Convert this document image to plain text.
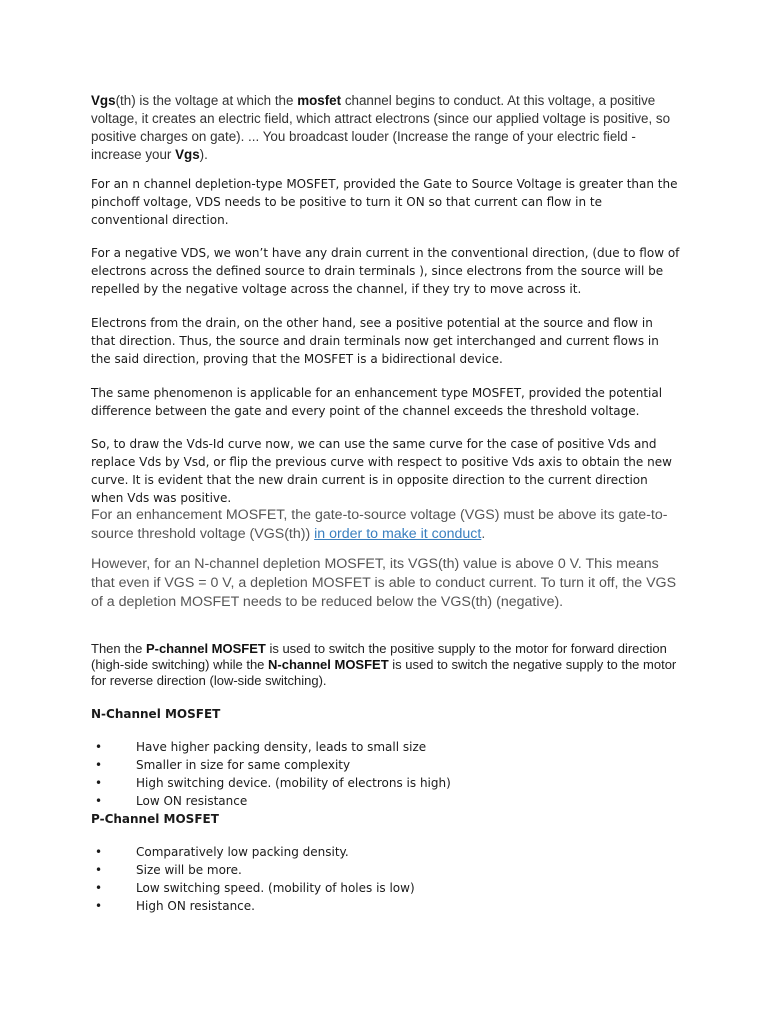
Vgs(th) is the voltage at which the mosfet channel begins to conduct. At this voltage, a positive voltage, it creates an electric field, which attract electrons (since our applied voltage is positive, so positive charges on gate). ... You broadcast louder (Increase the range of your electric field - increase your Vgs).

For an n channel depletion-type MOSFET, provided the Gate to Source Voltage is greater than the pinchoff voltage, VDS needs to be positive to turn it ON so that current can flow in te conventional direction.

For a negative VDS, we won’t have any drain current in the conventional direction, (due to flow of electrons across the defined source to drain terminals ), since electrons from the source will be repelled by the negative voltage across the channel, if they try to move across it.

Electrons from the drain, on the other hand, see a positive potential at the source and flow in that direction. Thus, the source and drain terminals now get interchanged and current flows in the said direction, proving that the MOSFET is a bidirectional device.

The same phenomenon is applicable for an enhancement type MOSFET, provided the potential difference between the gate and every point of the channel exceeds the threshold voltage.

So, to draw the Vds-Id curve now, we can use the same curve for the case of positive Vds and replace Vds by Vsd, or flip the previous curve with respect to positive Vds axis to obtain the new curve. It is evident that the new drain current is in opposite direction to the current direction when Vds was positive.

For an enhancement MOSFET, the gate-to-source voltage (VGS) must be above its gate-to-source threshold voltage (VGS(th)) in order to make it conduct.

However, for an N-channel depletion MOSFET, its VGS(th) value is above 0 V. This means that even if VGS = 0 V, a depletion MOSFET is able to conduct current. To turn it off, the VGS of a depletion MOSFET needs to be reduced below the VGS(th) (negative).

Then the P-channel MOSFET is used to switch the positive supply to the motor for forward direction (high-side switching) while the N-channel MOSFET is used to switch the negative supply to the motor for reverse direction (low-side switching).

N-Channel MOSFET

•	Have higher packing density, leads to small size
•	Smaller in size for same complexity
•	High switching device. (mobility of electrons is high)
•	Low ON resistance

P-Channel MOSFET

•	Comparatively low packing density.
•	Size will be more.
•	Low switching speed. (mobility of holes is low)
•	High ON resistance.
